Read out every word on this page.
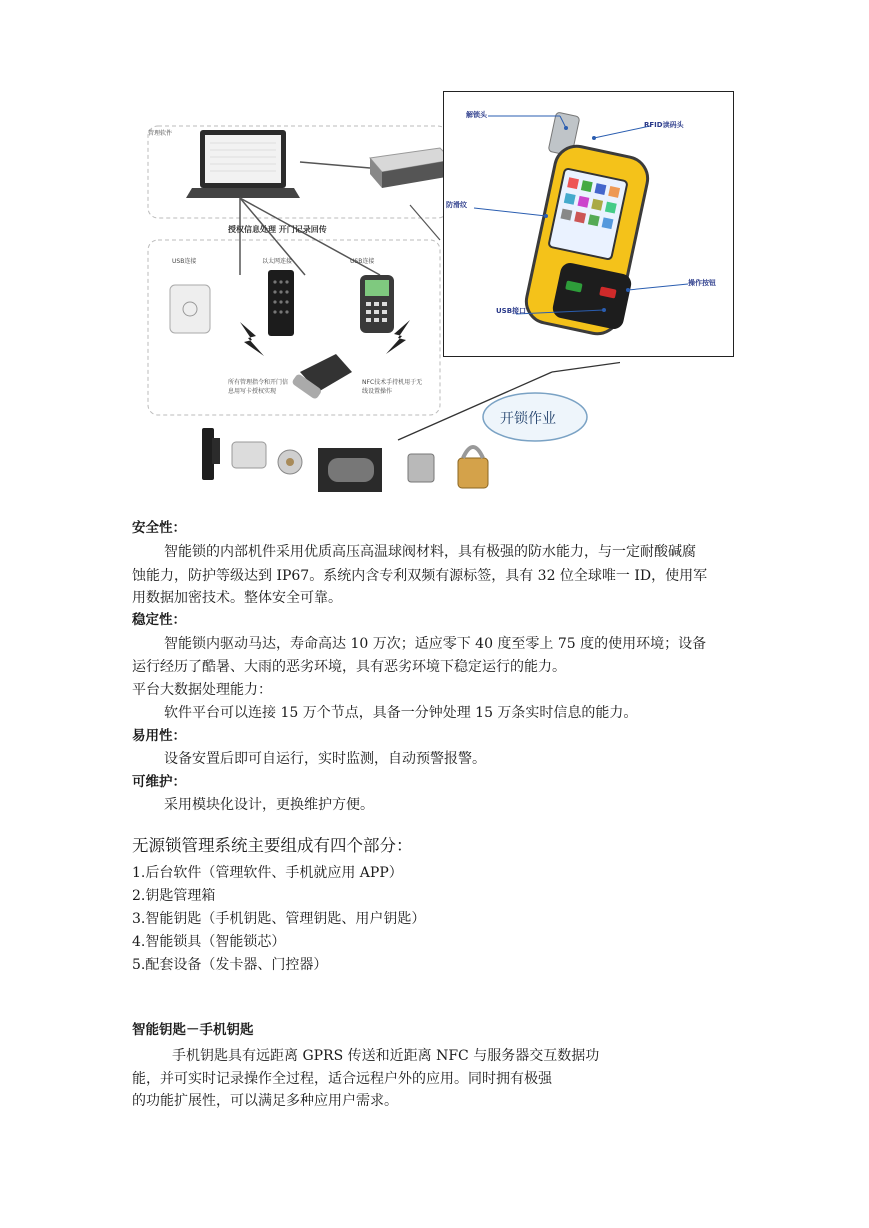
管理软件
授权信息处理 开门记录回传
USB连接	以太网连接	USB连接
所有管理指令和开门信息用写卡授权实现
NFC技术手持机用于无线设置操作
开锁作业
解锁头
RFID读码头
防滑纹
操作按钮
USB接口
安全性：
智能锁的内部机件采用优质高压高温球阀材料，具有极强的防水能力，与一定耐酸碱腐
蚀能力，防护等级达到 IP67。系统内含专利双频有源标签，具有 32 位全球唯一 ID，使用军
用数据加密技术。整体安全可靠。
稳定性：
智能锁内驱动马达，寿命高达 10 万次；适应零下 40 度至零上 75 度的使用环境；设备
运行经历了酷暑、大雨的恶劣环境，具有恶劣环境下稳定运行的能力。
平台大数据处理能力：
软件平台可以连接 15 万个节点，具备一分钟处理 15 万条实时信息的能力。
易用性：
设备安置后即可自运行，实时监测，自动预警报警。
可维护：
采用模块化设计，更换维护方便。
无源锁管理系统主要组成有四个部分：
1.后台软件（管理软件、手机就应用 APP）
2.钥匙管理箱
3.智能钥匙（手机钥匙、管理钥匙、用户钥匙）
4.智能锁具（智能锁芯）
5.配套设备（发卡器、门控器）
智能钥匙－手机钥匙
手机钥匙具有远距离 GPRS 传送和近距离 NFC 与服务器交互数据功
能，并可实时记录操作全过程，适合远程户外的应用。同时拥有极强
的功能扩展性，可以满足多种应用户需求。
